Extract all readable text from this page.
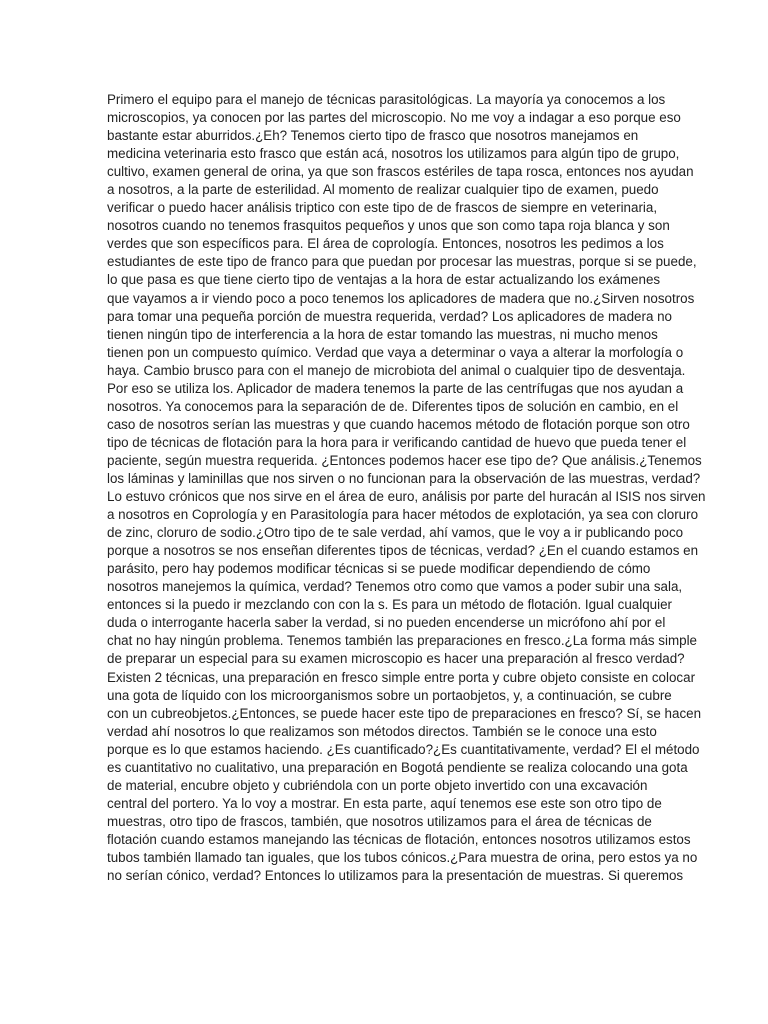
Primero el equipo para el manejo de técnicas parasitológicas. La mayoría ya conocemos a los
microscopios, ya conocen por las partes del microscopio. No me voy a indagar a eso porque eso
bastante estar aburridos.¿Eh? Tenemos cierto tipo de frasco que nosotros manejamos en
medicina veterinaria esto frasco que están acá, nosotros los utilizamos para algún tipo de grupo,
cultivo, examen general de orina, ya que son frascos estériles de tapa rosca, entonces nos ayudan
a nosotros, a la parte de esterilidad. Al momento de realizar cualquier tipo de examen, puedo
verificar o puedo hacer análisis triptico con este tipo de de frascos de siempre en veterinaria,
nosotros cuando no tenemos frasquitos pequeños y unos que son como tapa roja blanca y son
verdes que son específicos para. El área de coprología. Entonces, nosotros les pedimos a los
estudiantes de este tipo de franco para que puedan por procesar las muestras, porque si se puede,
lo que pasa es que tiene cierto tipo de ventajas a la hora de estar actualizando los exámenes
que vayamos a ir viendo poco a poco tenemos los aplicadores de madera que no.¿Sirven nosotros
para tomar una pequeña porción de muestra requerida, verdad? Los aplicadores de madera no
tienen ningún tipo de interferencia a la hora de estar tomando las muestras, ni mucho menos
tienen pon un compuesto químico. Verdad que vaya a determinar o vaya a alterar la morfología o
haya. Cambio brusco para con el manejo de microbiota del animal o cualquier tipo de desventaja.
Por eso se utiliza los. Aplicador de madera tenemos la parte de las centrífugas que nos ayudan a
nosotros. Ya conocemos para la separación de de. Diferentes tipos de solución en cambio, en el
caso de nosotros serían las muestras y que cuando hacemos método de flotación porque son otro
tipo de técnicas de flotación para la hora para ir verificando cantidad de huevo que pueda tener el
paciente, según muestra requerida. ¿Entonces podemos hacer ese tipo de? Que análisis.¿Tenemos
los láminas y laminillas que nos sirven o no funcionan para la observación de las muestras, verdad?
Lo estuvo crónicos que nos sirve en el área de euro, análisis por parte del huracán al ISIS nos sirven
a nosotros en Coprología y en Parasitología para hacer métodos de explotación, ya sea con cloruro
de zinc, cloruro de sodio.¿Otro tipo de te sale verdad, ahí vamos, que le voy a ir publicando poco
porque a nosotros se nos enseñan diferentes tipos de técnicas, verdad? ¿En el cuando estamos en
parásito, pero hay podemos modificar técnicas si se puede modificar dependiendo de cómo
nosotros manejemos la química, verdad? Tenemos otro como que vamos a poder subir una sala,
entonces si la puedo ir mezclando con con la s. Es para un método de flotación. Igual cualquier
duda o interrogante hacerla saber la verdad, si no pueden encenderse un micrófono ahí por el
chat no hay ningún problema. Tenemos también las preparaciones en fresco.¿La forma más simple
de preparar un especial para su examen microscopio es hacer una preparación al fresco verdad?
Existen 2 técnicas, una preparación en fresco simple entre porta y cubre objeto consiste en colocar
una gota de líquido con los microorganismos sobre un portaobjetos, y, a continuación, se cubre
con un cubreobjetos.¿Entonces, se puede hacer este tipo de preparaciones en fresco? Sí, se hacen
verdad ahí nosotros lo que realizamos son métodos directos. También se le conoce una esto
porque es lo que estamos haciendo. ¿Es cuantificado?¿Es cuantitativamente, verdad? El el método
es cuantitativo no cualitativo, una preparación en Bogotá pendiente se realiza colocando una gota
de material, encubre objeto y cubriéndola con un porte objeto invertido con una excavación
central del portero. Ya lo voy a mostrar. En esta parte, aquí tenemos ese este son otro tipo de
muestras, otro tipo de frascos, también, que nosotros utilizamos para el área de técnicas de
flotación cuando estamos manejando las técnicas de flotación, entonces nosotros utilizamos estos
tubos también llamado tan iguales, que los tubos cónicos.¿Para muestra de orina, pero estos ya no
no serían cónico, verdad? Entonces lo utilizamos para la presentación de muestras. Si queremos
